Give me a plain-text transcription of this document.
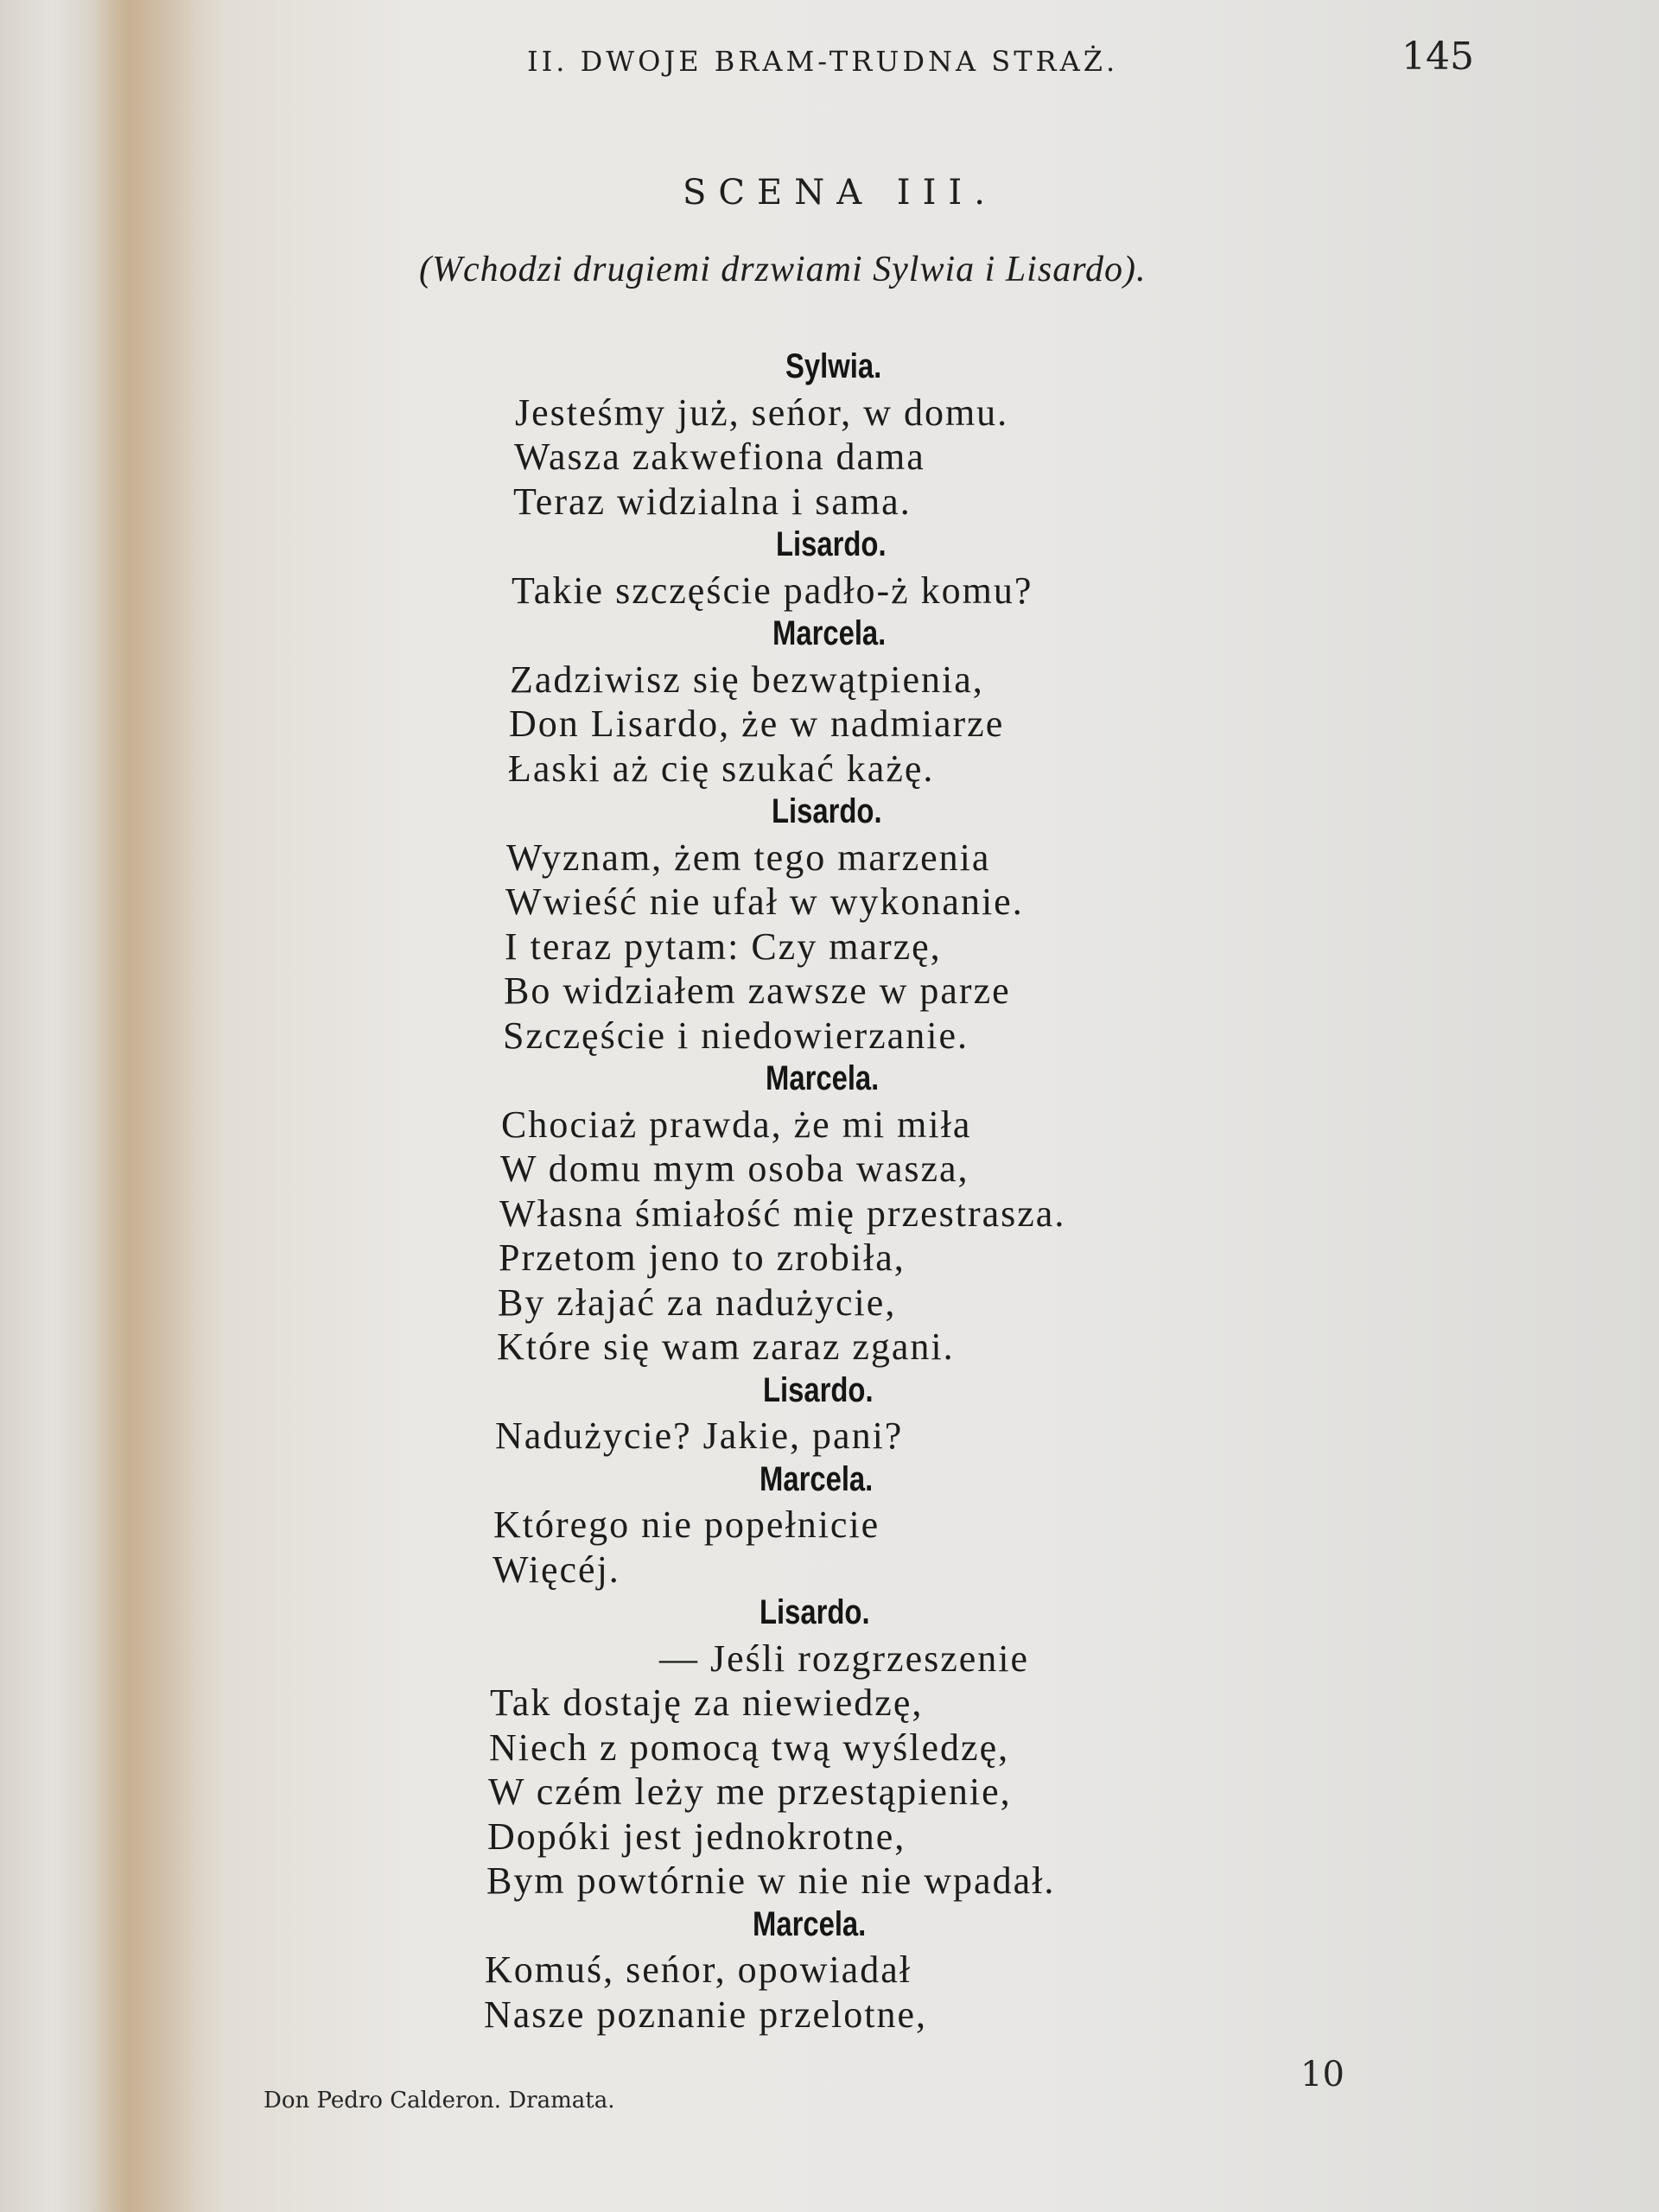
II. DWOJE BRAM-TRUDNA STRAŻ.	145
SCENA III.
(Wchodzi drugiemi drzwiami Sylwia i Lisardo).
Sylwia.
Jesteśmy już, seńor, w domu.
Wasza zakwefiona dama
Teraz widzialna i sama.
Lisardo.
Takie szczęście padło-ż komu?
Marcela.
Zadziwisz się bezwątpienia,
Don Lisardo, że w nadmiarze
Łaski aż cię szukać każę.
Lisardo.
Wyznam, żem tego marzenia
Wwieść nie ufał w wykonanie.
I teraz pytam: Czy marzę,
Bo widziałem zawsze w parze
Szczęście i niedowierzanie.
Marcela.
Chociaż prawda, że mi miła
W domu mym osoba wasza,
Własna śmiałość mię przestrasza.
Przetom jeno to zrobiła,
By złajać za nadużycie,
Które się wam zaraz zgani.
Lisardo.
Nadużycie? Jakie, pani?
Marcela.
Którego nie popełnicie
Więcéj.
Lisardo.
— Jeśli rozgrzeszenie
Tak dostaję za niewiedzę,
Niech z pomocą twą wyśledzę,
W czém leży me przestąpienie,
Dopóki jest jednokrotne,
Bym powtórnie w nie nie wpadał.
Marcela.
Komuś, seńor, opowiadał
Nasze poznanie przelotne,
Don Pedro Calderon. Dramata.
10
